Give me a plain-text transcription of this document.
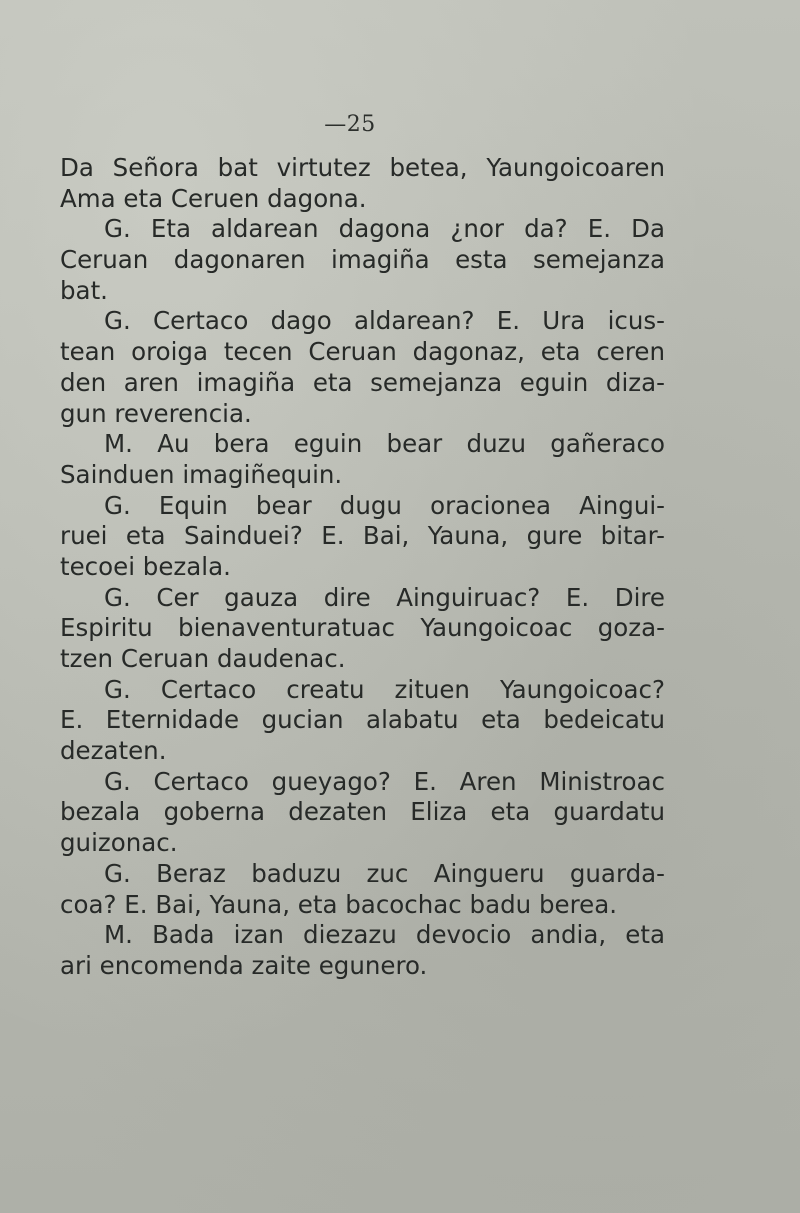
—25
Da Señora bat virtutez betea, Yaungoicoaren
Ama eta Ceruen dagona.
G. Eta aldarean dagona ¿nor da? E. Da
Ceruan dagonaren imagiña esta semejanza
bat.
G. Certaco dago aldarean? E. Ura icus-
tean oroiga tecen Ceruan dagonaz, eta ceren
den aren imagiña eta semejanza eguin diza-
gun reverencia.
M. Au bera eguin bear duzu gañeraco
Sainduen imagiñequin.
G. Equin bear dugu oracionea Aingui-
ruei eta Sainduei? E. Bai, Yauna, gure bitar-
tecoei bezala.
G. Cer gauza dire Ainguiruac? E. Dire
Espiritu bienaventuratuac Yaungoicoac goza-
tzen Ceruan daudenac.
G. Certaco creatu zituen Yaungoicoac?
E. Eternidade gucian alabatu eta bedeicatu
dezaten.
G. Certaco gueyago? E. Aren Ministroac
bezala goberna dezaten Eliza eta guardatu
guizonac.
G. Beraz baduzu zuc Aingueru guarda-
coa? E. Bai, Yauna, eta bacochac badu berea.
M. Bada izan diezazu devocio andia, eta
ari encomenda zaite egunero.
